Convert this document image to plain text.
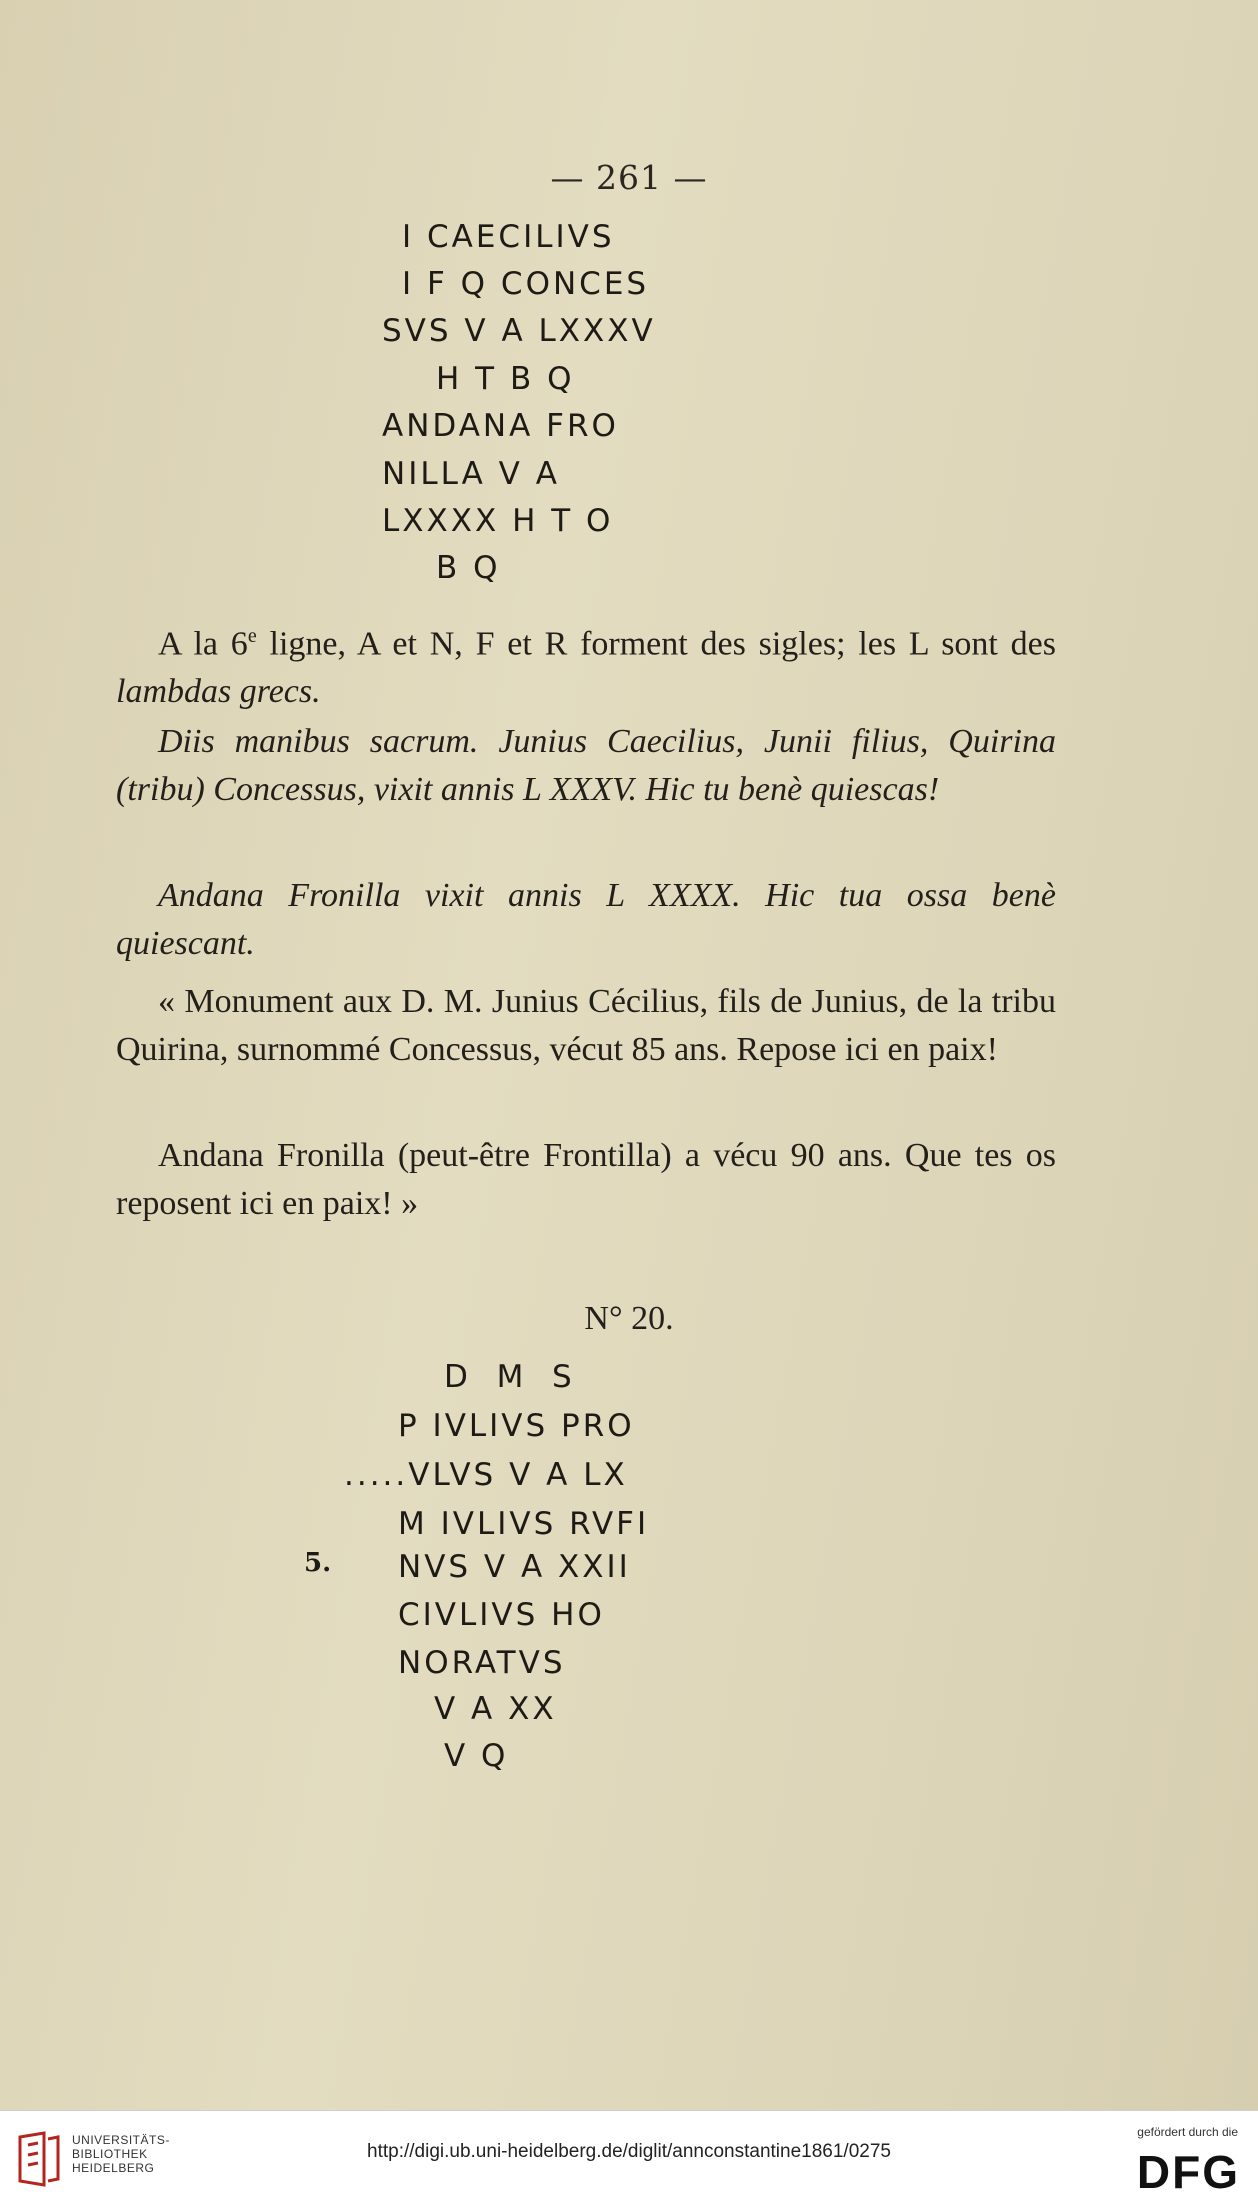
— 261 —
I CAECILIVS
I F Q CONCES
SVS V A LXXXV
H T B Q
ANDANA FRO
NILLA V A
LXXXX H T O
B Q

A la 6e ligne, A et N, F et R forment des sigles; les L sont des lambdas grecs.

Diis manibus sacrum. Junius Caecilius, Junii filius, Quirina (tribu) Concessus, vixit annis L XXXV. Hic tu benè quiescas!

Andana Fronilla vixit annis L XXXX. Hic tua ossa benè quiescant.

« Monument aux D. M. Junius Cécilius, fils de Junius, de la tribu Quirina, surnommé Concessus, vécut 85 ans. Repose ici en paix!

Andana Fronilla (peut-être Frontilla) a vécu 90 ans. Que tes os reposent ici en paix! »

N° 20.
D  M  S
P IVLIVS PRO
.....VLVS V A LX
M IVLIVS RVFI
5. NVS V A XXII
CIVLIVS HO
NORATVS
V A XX
V Q
UNIVERSITÄTS-
BIBLIOTHEK
HEIDELBERG
http://digi.ub.uni-heidelberg.de/diglit/annconstantine1861/0275
gefördert durch die
DFG
